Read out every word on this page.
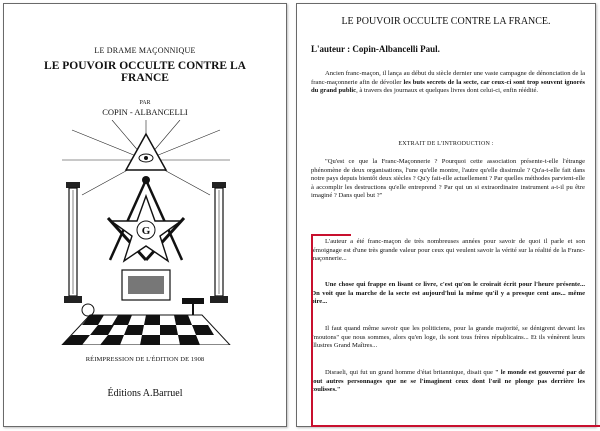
LE DRAME MAÇONNIQUE
LE POUVOIR OCCULTE CONTRE LA
FRANCE
PAR
COPIN - ALBANCELLI
G
RÉIMPRESSION DE L'ÉDITION DE 1908
Éditions A.Barruel
LE POUVOIR OCCULTE CONTRE LA FRANCE.
L'auteur : Copin-Albancelli Paul.

Ancien franc-maçon, il lança au début du siècle dernier une vaste campagne de dénonciation de la franc-maçonnerie afin de dévoiler les buts secrets de la secte, car ceux-ci sont trop souvent ignorés du grand public, à travers des journaux et quelques livres dont celui-ci, enfin réédité.

EXTRAIT DE L'INTRODUCTION :

"Qu'est ce que la Franc-Maçonnerie ? Pourquoi cette association présente-t-elle l'étrange phénomène de deux organisations, l'une qu'elle montre, l'autre qu'elle dissimule ? Qu'a-t-elle fait dans notre pays depuis bientôt deux siècles ? Qu'y fait-elle actuellement ? Par quelles méthodes parvient-elle à accomplir les destructions qu'elle entreprend ? Par qui un si extraordinaire instrument a-t-il pu être imaginé ? Dans quel but ?"

L'auteur a été franc-maçon de très nombreuses années pour savoir de quoi il parle et son témoignage est d'une très grande valeur pour ceux qui veulent savoir la vérité sur la réalité de la Franc-maçonnerie...

Une chose qui frappe en lisant ce livre, c'est qu'on le croirait écrit pour l'heure présente... On voit que la marche de la secte est aujourd'hui la même qu'il y a presque cent ans... même pire...

Il faut quand même savoir que les politiciens, pour la grande majorité, se dénigrent devant les "moutons" que nous sommes, alors qu'en loge, ils sont tous frères républicains... Et ils vénèrent leurs Illustres Grand Maîtres...

Disraeli, qui fut un grand homme d'état britannique, disait que " le monde est gouverné par de tout autres personnages que ne se l'imaginent ceux dont l'œil ne plonge pas derrière les coulisses."
